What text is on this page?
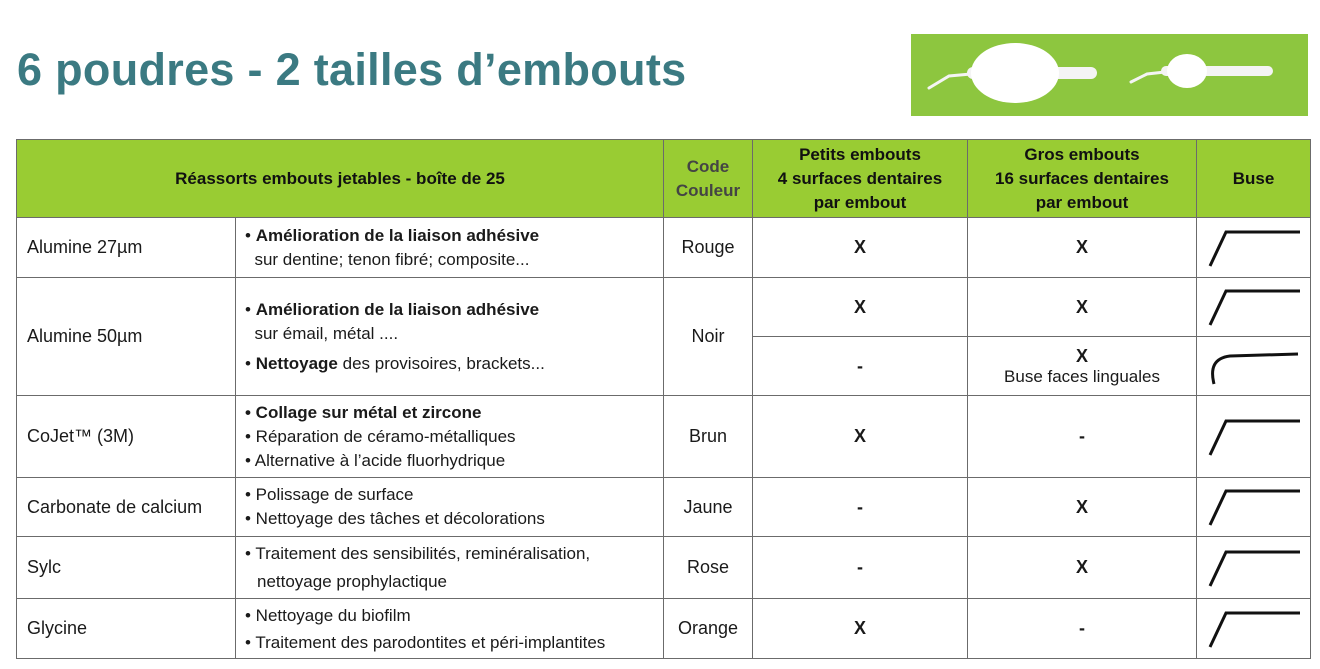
6 poudres - 2 tailles d’embouts
Réassorts embouts jetables - boîte de 25		Code
Couleur	Petits embouts
4 surfaces dentaires
par embout	Gros embouts
16 surfaces dentaires
par embout	Buse
Alumine 27µm	• Amélioration de la liaison adhésive
sur dentine; tenon fibré; composite...	Rouge	X	X	

Alumine 50µm	• Amélioration de la liaison adhésive
sur émail, métal ....
• Nettoyage des provisoires, brackets...	Noir	X	X	

			-	X
Buse faces linguales

CoJet™ (3M)	• Collage sur métal et zircone
• Réparation de céramo-métalliques
• Alternative à l’acide fluorhydrique	Brun	X	-	

Carbonate de calcium	• Polissage de surface
• Nettoyage des tâches et décolorations	Jaune	-	X	

Sylc	• Traitement des sensibilités, reminéralisation,
nettoyage prophylactique	Rose	-	X	

Glycine	• Nettoyage du biofilm
• Traitement des parodontites et péri-implantites	Orange	X	-	
